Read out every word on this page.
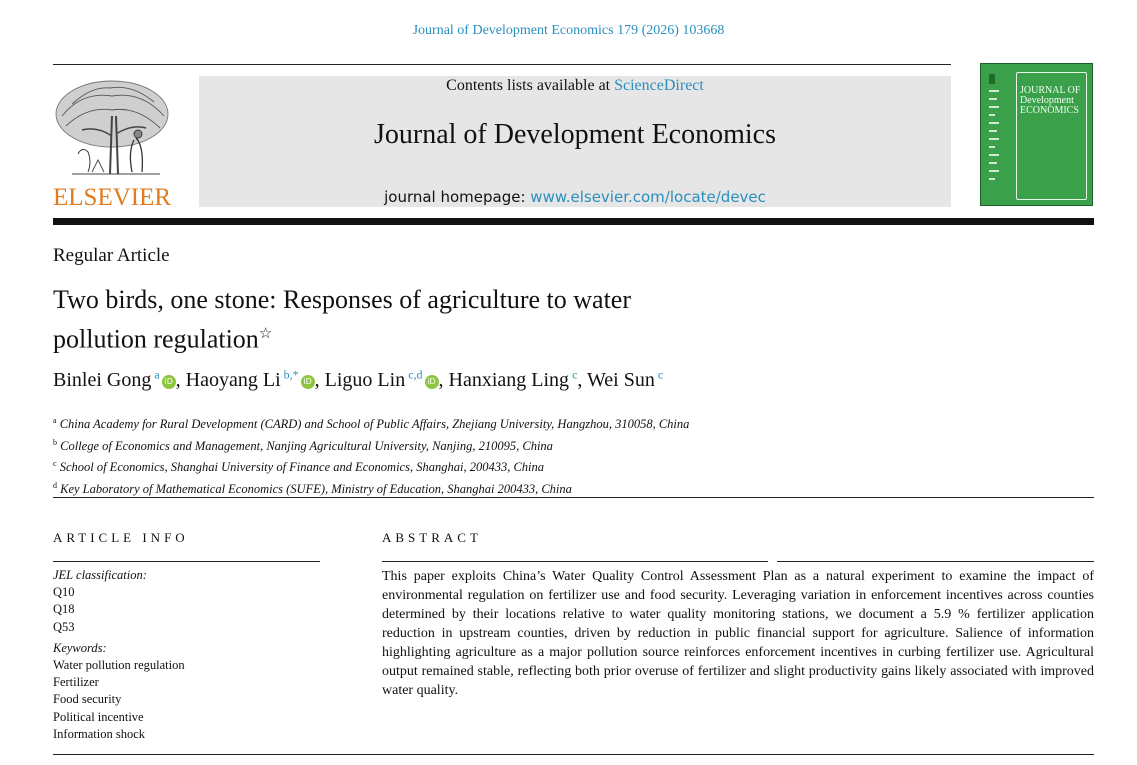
Journal of Development Economics 179 (2026) 103668
ELSEVIER
Contents lists available at ScienceDirect
Journal of Development Economics
journal homepage: www.elsevier.com/locate/devec
JOURNAL OF
Development
ECONOMICS
Regular Article
Two birds, one stone: Responses of agriculture to water
pollution regulation☆
Binlei Gong $^a$iD , Haoyang Li $^{b,*}$iD , Liguo Lin $^{c,d}$iD , Hanxiang Ling $^c$, Wei Sun $^c$
$^a$ China Academy for Rural Development (CARD) and School of Public Affairs, Zhejiang University, Hangzhou, 310058, China
$^b$ College of Economics and Management, Nanjing Agricultural University, Nanjing, 210095, China
$^c$ School of Economics, Shanghai University of Finance and Economics, Shanghai, 200433, China
$^d$ Key Laboratory of Mathematical Economics (SUFE), Ministry of Education, Shanghai 200433, China
ARTICLE INFO	ABSTRACT
JEL classification:
Q10
Q18
Q53
Keywords:
Water pollution regulation
Fertilizer
Food security
Political incentive
Information shock
This paper exploits China’s Water Quality Control Assessment Plan as a natural experiment to examine the impact of environmental regulation on fertilizer use and food security. Leveraging variation in enforcement incentives across counties determined by their locations relative to water quality monitoring stations, we document a 5.9 % fertilizer application reduction in upstream counties, driven by reduction in public financial support for agriculture. Salience of information highlighting agriculture as a major pollution source reinforces enforcement incentives in curbing fertilizer use. Agricultural output remained stable, reflecting both prior overuse of fertilizer and slight productivity gains likely associated with improved water quality.
